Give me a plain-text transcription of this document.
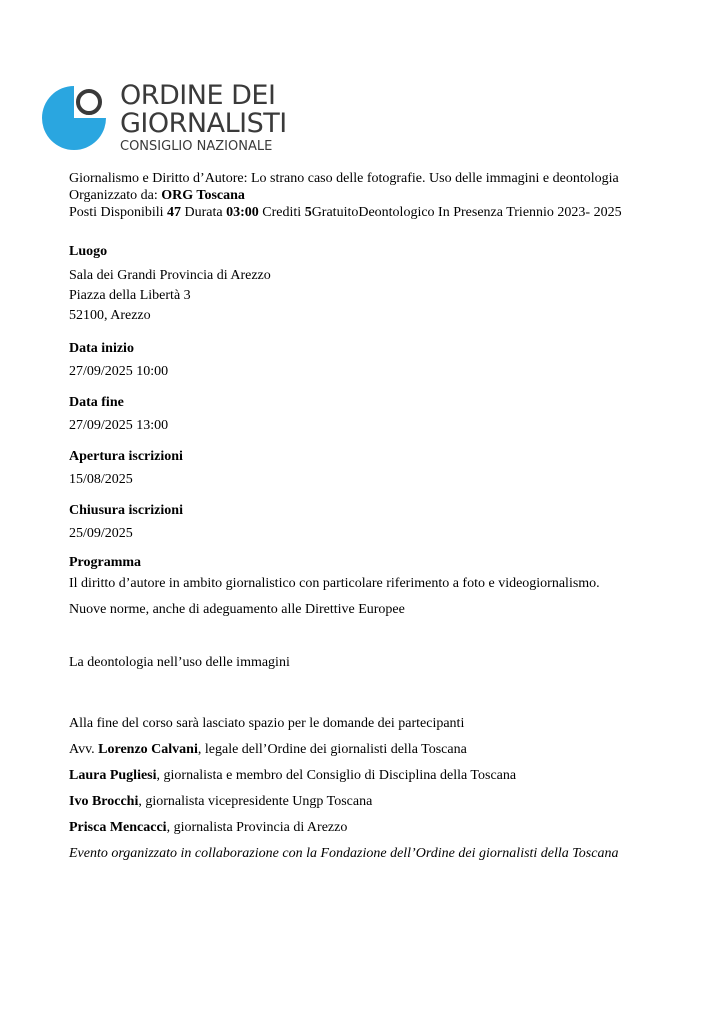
ORDINE DEI
GIORNALISTI
CONSIGLIO NAZIONALE
Giornalismo e Diritto d’Autore: Lo strano caso delle fotografie. Uso delle immagini e deontologia
Organizzato da: ORG Toscana
Posti Disponibili 47 Durata 03:00 Crediti 5GratuitoDeontologico In Presenza Triennio 2023- 2025
Luogo
Sala dei Grandi Provincia di Arezzo
Piazza della Libertà 3
52100, Arezzo
Data inizio
27/09/2025 10:00
Data fine
27/09/2025 13:00
Apertura iscrizioni
15/08/2025
Chiusura iscrizioni
25/09/2025
Programma

Il diritto d’autore in ambito giornalistico con particolare riferimento a foto e videogiornalismo.

Nuove norme, anche di adeguamento alle Direttive Europee

La deontologia nell’uso delle immagini

Alla fine del corso sarà lasciato spazio per le domande dei partecipanti

Avv. Lorenzo Calvani, legale dell’Ordine dei giornalisti della Toscana

Laura Pugliesi, giornalista e membro del Consiglio di Disciplina della Toscana

Ivo Brocchi, giornalista vicepresidente Ungp Toscana

Prisca Mencacci, giornalista Provincia di Arezzo

Evento organizzato in collaborazione con la Fondazione dell’Ordine dei giornalisti della Toscana
